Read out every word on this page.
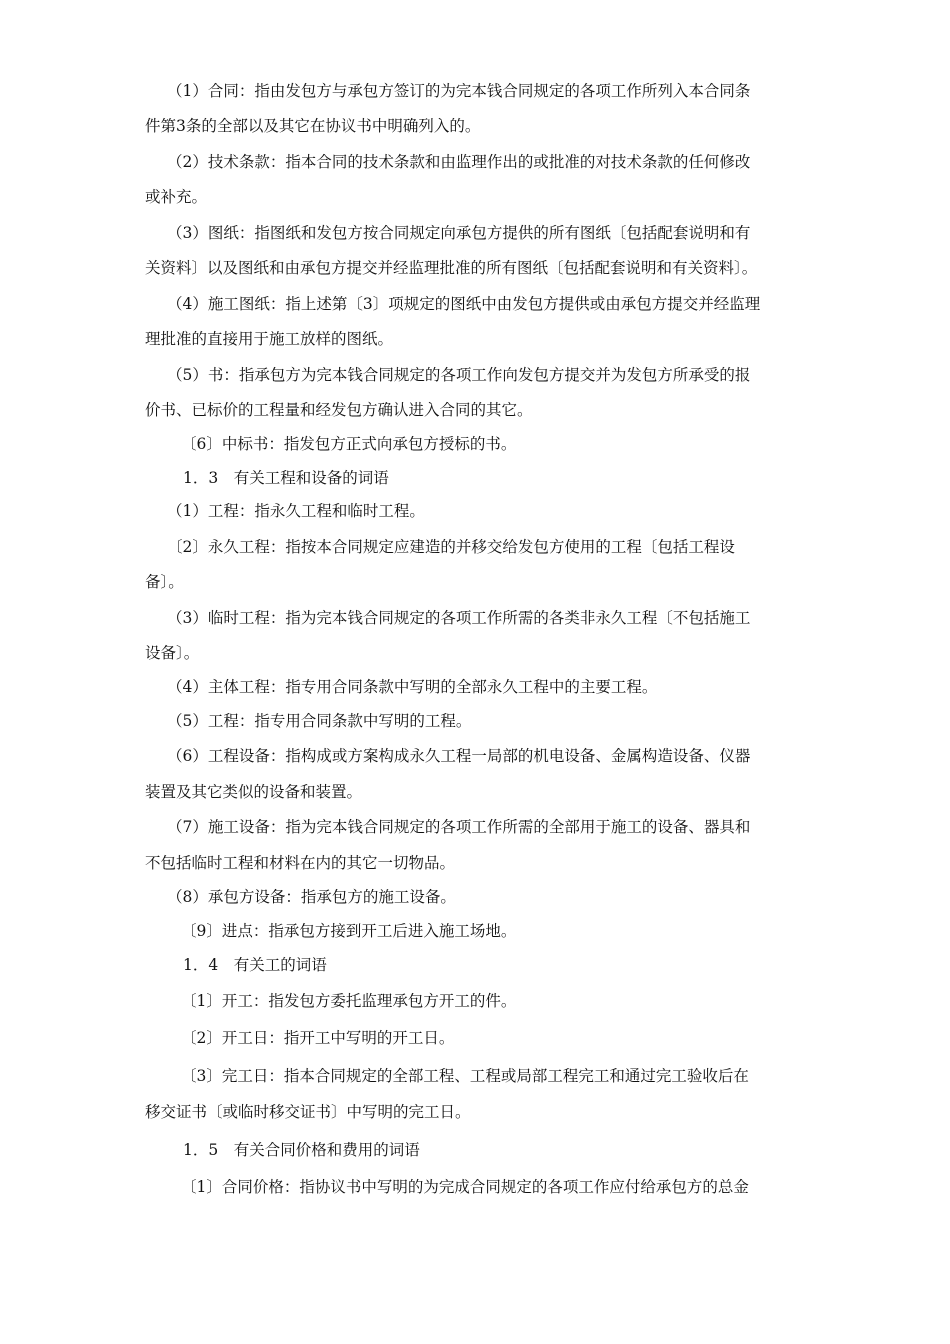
（1）合同：指由发包方与承包方签订的为完本钱合同规定的各项工作所列入本合同条
件第3条的全部以及其它在协议书中明确列入的。
（2）技术条款：指本合同的技术条款和由监理作出的或批准的对技术条款的任何修改
或补充。
（3）图纸：指图纸和发包方按合同规定向承包方提供的所有图纸〔包括配套说明和有
关资料〕以及图纸和由承包方提交并经监理批准的所有图纸〔包括配套说明和有关资料〕。
（4）施工图纸：指上述第〔3〕项规定的图纸中由发包方提供或由承包方提交并经监理
理批准的直接用于施工放样的图纸。
（5）书：指承包方为完本钱合同规定的各项工作向发包方提交并为发包方所承受的报
价书、已标价的工程量和经发包方确认进入合同的其它。
〔6〕中标书：指发包方正式向承包方授标的书。
1．3　有关工程和设备的词语
（1）工程：指永久工程和临时工程。
〔2〕永久工程：指按本合同规定应建造的并移交给发包方使用的工程〔包括工程设
备〕。
（3）临时工程：指为完本钱合同规定的各项工作所需的各类非永久工程〔不包括施工
设备〕。
（4）主体工程：指专用合同条款中写明的全部永久工程中的主要工程。
（5）工程：指专用合同条款中写明的工程。
（6）工程设备：指构成或方案构成永久工程一局部的机电设备、金属构造设备、仪器
装置及其它类似的设备和装置。
（7）施工设备：指为完本钱合同规定的各项工作所需的全部用于施工的设备、器具和
不包括临时工程和材料在内的其它一切物品。
（8）承包方设备：指承包方的施工设备。
〔9〕进点：指承包方接到开工后进入施工场地。
1．4　有关工的词语
〔1〕开工：指发包方委托监理承包方开工的件。
〔2〕开工日：指开工中写明的开工日。
〔3〕完工日：指本合同规定的全部工程、工程或局部工程完工和通过完工验收后在
移交证书〔或临时移交证书〕中写明的完工日。
1．5　有关合同价格和费用的词语
〔1〕合同价格：指协议书中写明的为完成合同规定的各项工作应付给承包方的总金
